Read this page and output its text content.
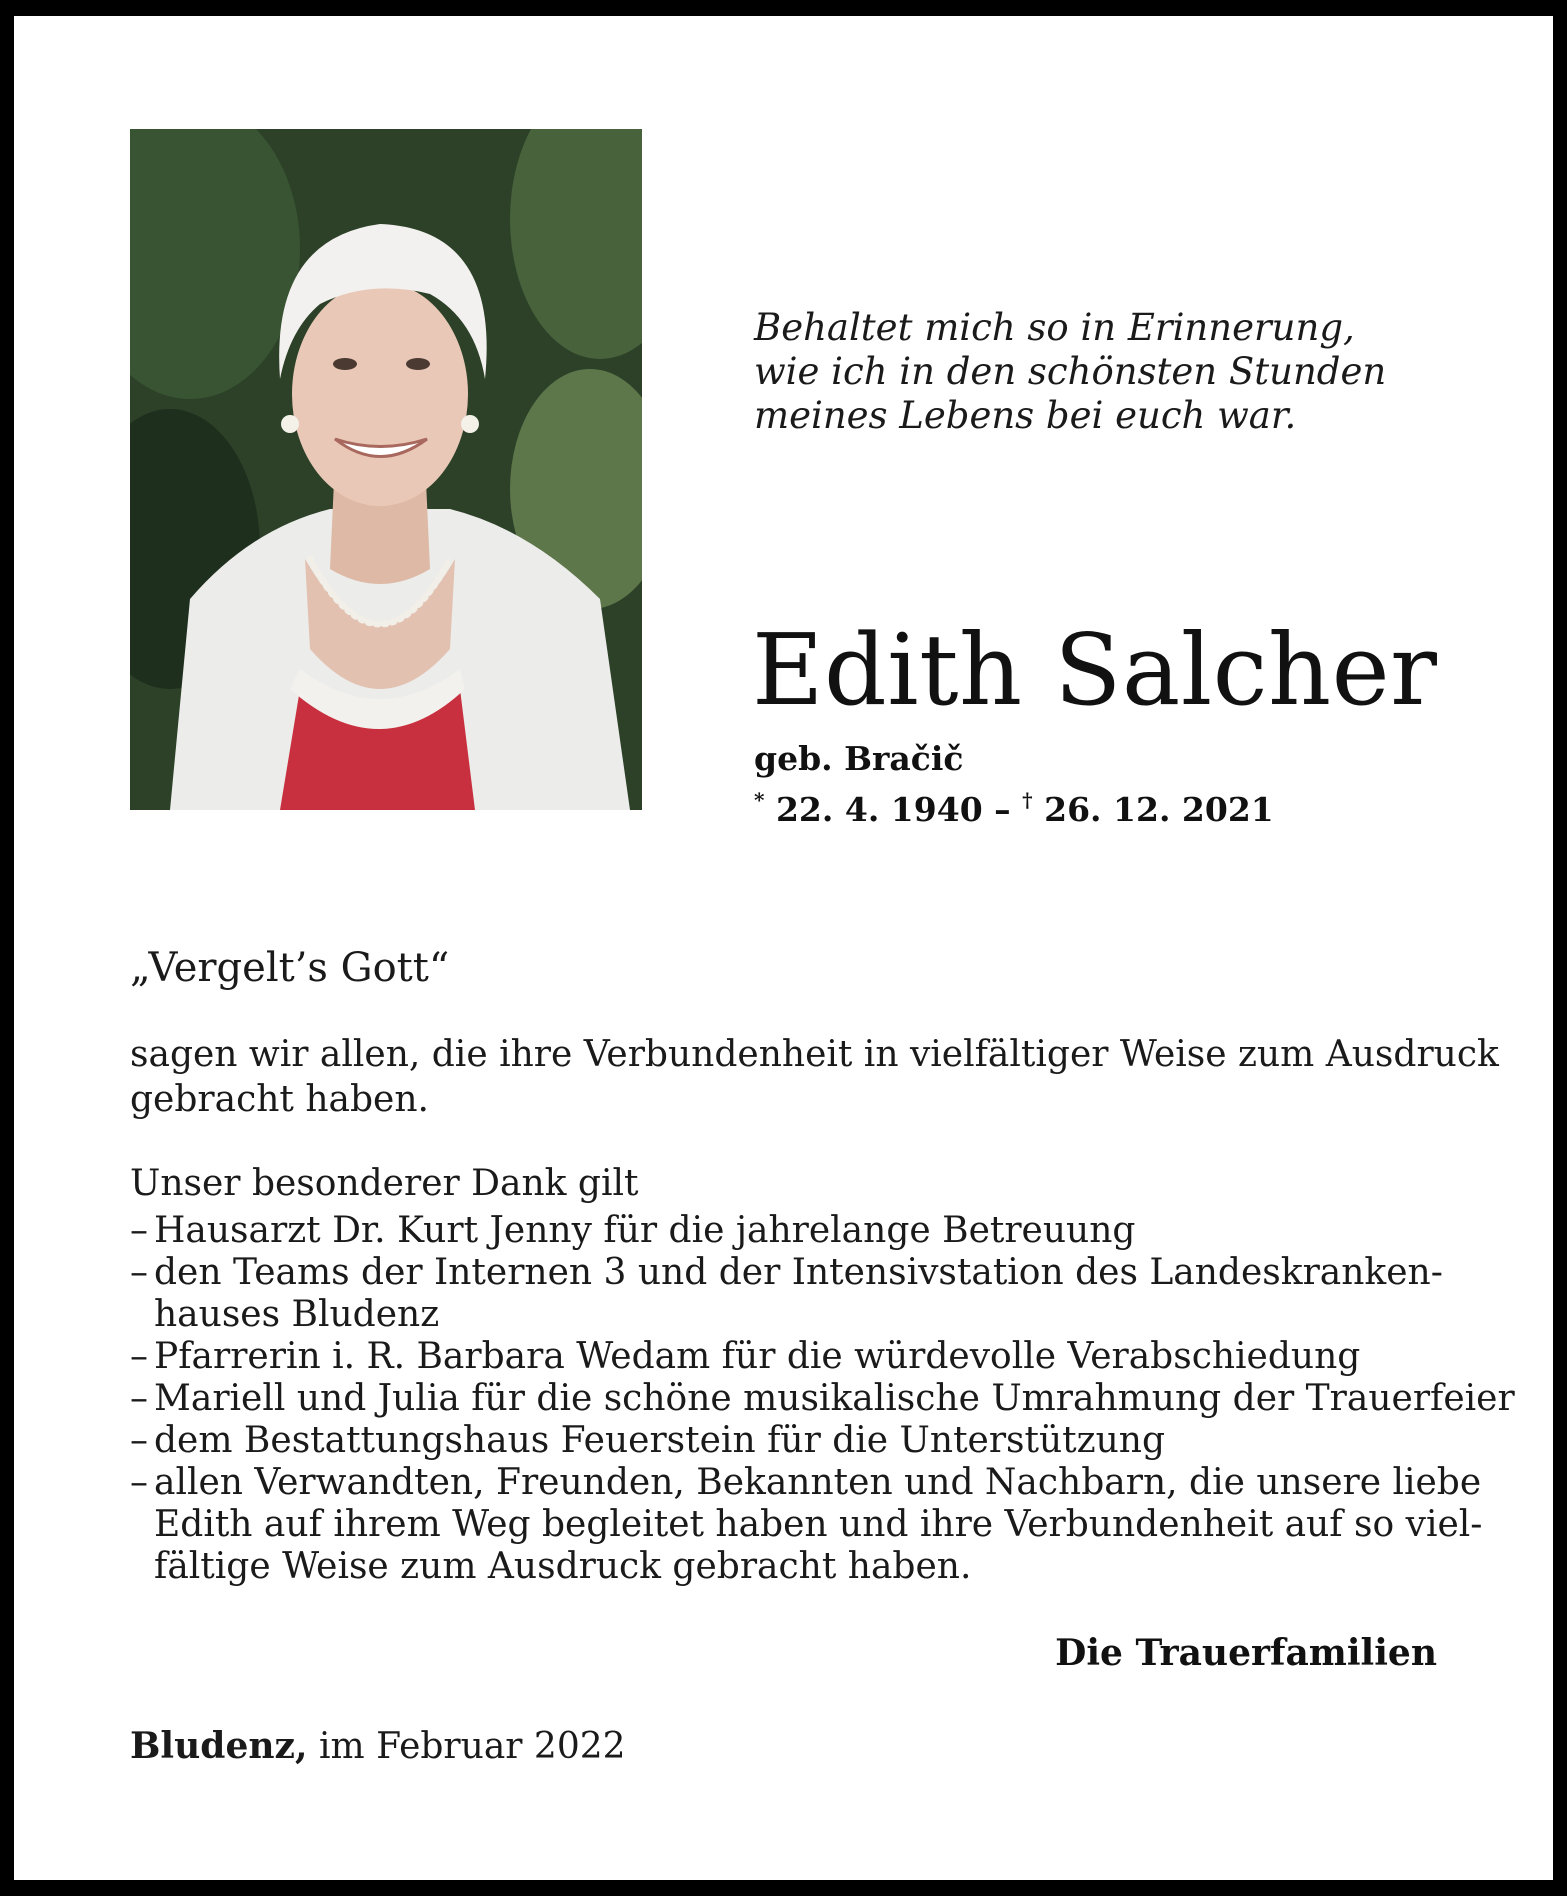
Behaltet mich so in Erinnerung,
wie ich in den schönsten Stunden
meines Lebens bei euch war.
Edith Salcher
geb. Bračič
* 22. 4. 1940 – † 26. 12. 2021
„Vergelt’s Gott“
sagen wir allen, die ihre Verbundenheit in vielfältiger Weise zum Ausdruck
gebracht haben.
Unser besonderer Dank gilt
– Hausarzt Dr. Kurt Jenny für die jahrelange Betreuung
– den Teams der Internen 3 und der Intensivstation des Landeskranken-
hauses Bludenz
– Pfarrerin i. R. Barbara Wedam für die würdevolle Verabschiedung
– Mariell und Julia für die schöne musikalische Umrahmung der Trauerfeier
– dem Bestattungshaus Feuerstein für die Unterstützung
– allen Verwandten, Freunden, Bekannten und Nachbarn, die unsere liebe
Edith auf ihrem Weg begleitet haben und ihre Verbundenheit auf so viel-
fältige Weise zum Ausdruck gebracht haben.
Die Trauerfamilien
Bludenz, im Februar 2022
